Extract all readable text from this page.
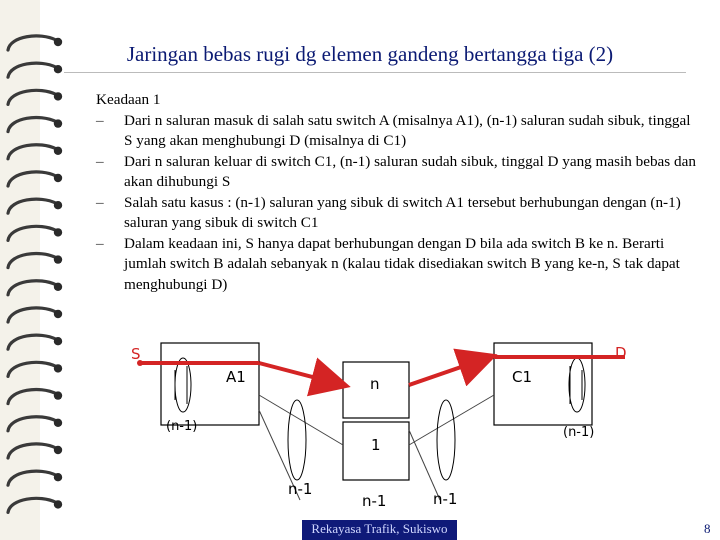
Jaringan bebas rugi dg elemen gandeng bertangga tiga (2)

Keadaan 1

– Dari n saluran masuk di salah satu switch A (misalnya A1), (n-1) saluran sudah sibuk, tinggal S yang akan menghubungi D (misalnya di C1)

– Dari n saluran keluar di switch C1, (n-1) saluran sudah sibuk, tinggal D yang masih bebas dan akan dihubungi S

– Salah satu kasus : (n-1) saluran yang sibuk di switch A1 tersebut berhubungan dengan (n-1) saluran yang sibuk di switch C1

– Dalam keadaan ini, S hanya dapat berhubungan dengan D bila ada switch B ke n. Berarti jumlah switch B adalah sebanyak n (kalau tidak disediakan switch B yang ke-n, S tak dapat menghubungi D)

S	D
A1	C1
n
1
(n-1)	(n-1)
n-1
n-1	n-1
Rekayasa Trafik, Sukiswo	8
